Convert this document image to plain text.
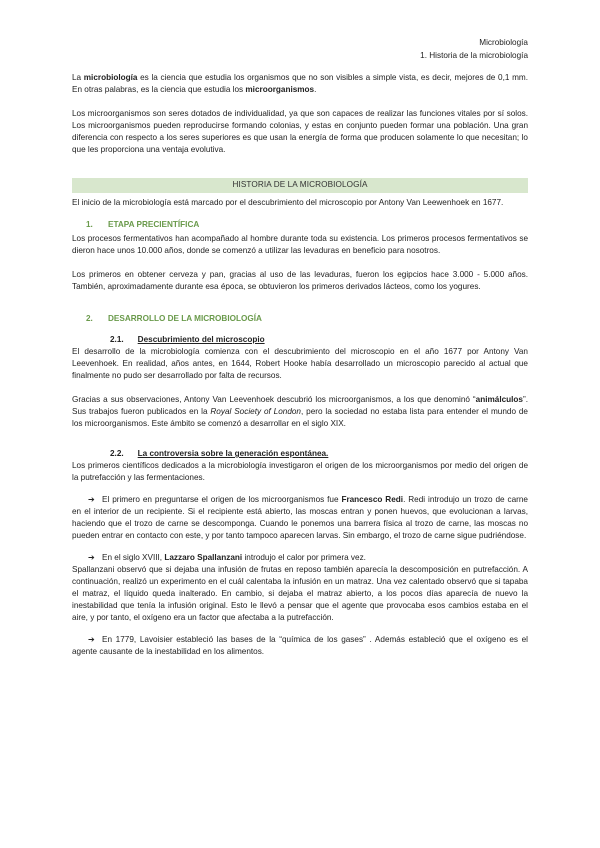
Microbiología
1. Historia de la microbiología

La microbiología es la ciencia que estudia los organismos que no son visibles a simple vista, es decir, mejores de 0,1 mm. En otras palabras, es la ciencia que estudia los microorganismos.

Los microorganismos son seres dotados de individualidad, ya que son capaces de realizar las funciones vitales por sí solos. Los microorganismos pueden reproducirse formando colonias, y estas en conjunto pueden formar una población. Una gran diferencia con respecto a los seres superiores es que usan la energía de forma que producen solamente lo que necesitan; lo que les proporciona una ventaja evolutiva.

HISTORIA DE LA MICROBIOLOGÍA

El inicio de la microbiología está marcado por el descubrimiento del microscopio por Antony Van Leewenhoek en 1677.

1.	ETAPA PRECIENTÍFICA

Los procesos fermentativos han acompañado al hombre durante toda su existencia. Los primeros procesos fermentativos se dieron hace unos 10.000 años, donde se comenzó a utilizar las levaduras en beneficio para nosotros.

Los primeros en obtener cerveza y pan, gracias al uso de las levaduras, fueron los egipcios hace 3.000 - 5.000 años. También, aproximadamente durante esa época, se obtuvieron los primeros derivados lácteos, como los yogures.

2.	DESARROLLO DE LA MICROBIOLOGÍA
2.1. Descubrimiento del microscopio

El desarrollo de la microbiología comienza con el descubrimiento del microscopio en el año 1677 por Antony Van Leevenhoek. En realidad, años antes, en 1644, Robert Hooke había desarrollado un microscopio parecido al actual que finalmente no pudo ser desarrollado por falta de recursos.

Gracias a sus observaciones, Antony Van Leevenhoek descubrió los microorganismos, a los que denominó “animálculos”. Sus trabajos fueron publicados en la Royal Society of London, pero la sociedad no estaba lista para entender el mundo de los microorganismos. Este ámbito se comenzó a desarrollar en el siglo XIX.

2.2. La controversia sobre la generación espontánea.

Los primeros científicos dedicados a la microbiología investigaron el origen de los microorganismos por medio del origen de la putrefacción y las fermentaciones.

➔ El primero en preguntarse el origen de los microorganismos fue Francesco Redi. Redi introdujo un trozo de carne en el interior de un recipiente. Si el recipiente está abierto, las moscas entran y ponen huevos, que evolucionan a larvas, haciendo que el trozo de carne se descomponga. Cuando le ponemos una barrera física al trozo de carne, las moscas no pueden entrar en contacto con este, y por tanto tampoco aparecen larvas. Sin embargo, el trozo de carne sigue pudriéndose.

➔ En el siglo XVIII, Lazzaro Spallanzani introdujo el calor por primera vez.

Spallanzani observó que si dejaba una infusión de frutas en reposo también aparecía la descomposición en putrefacción. A continuación, realizó un experimento en el cuál calentaba la infusión en un matraz. Una vez calentado observó que si tapaba el matraz, el líquido queda inalterado. En cambio, si dejaba el matraz abierto, a los pocos días aparecía de nuevo la inestabilidad que tenía la infusión original. Esto le llevó a pensar que el agente que provocaba esos cambios estaba en el aire, y por tanto, el oxígeno era un factor que afectaba a la putrefacción.

➔ En 1779, Lavoisier estableció las bases de la “química de los gases” . Además estableció que el oxígeno es el agente causante de la inestabilidad en los alimentos.
